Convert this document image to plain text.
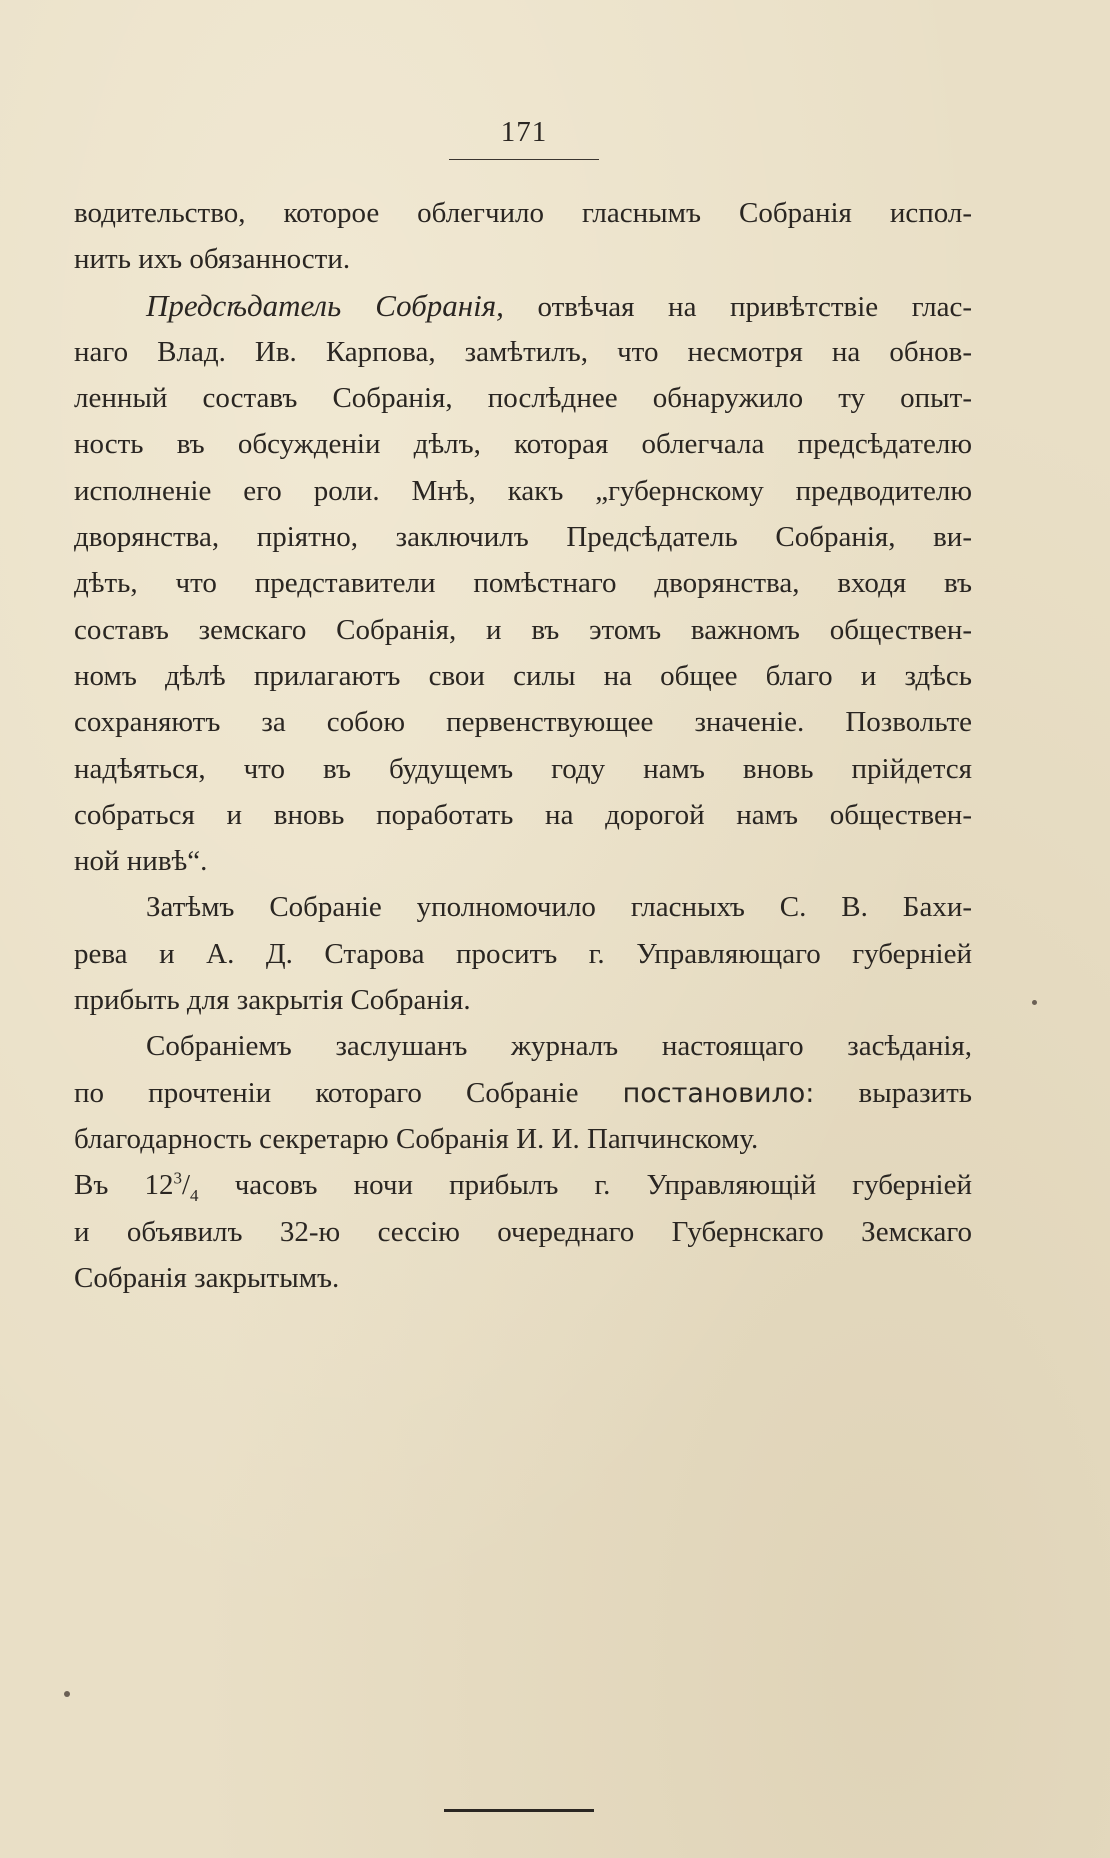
171
водительство, которое облегчило гласнымъ Собранія испол-
нить ихъ обязанности.
Предсѣдатель Собранія, отвѣчая на привѣтствіе глас-
наго Влад. Ив. Карпова, замѣтилъ, что несмотря на обнов-
ленный составъ Собранія, послѣднее обнаружило ту опыт-
ность въ обсужденіи дѣлъ, которая облегчала предсѣдателю
исполненіе его роли. Мнѣ, какъ „губернскому предводителю
дворянства, пріятно, заключилъ Предсѣдатель Собранія, ви-
дѣть, что представители помѣстнаго дворянства, входя въ
составъ земскаго Собранія, и въ этомъ важномъ обществен-
номъ дѣлѣ прилагаютъ свои силы на общее благо и здѣсь
сохраняютъ за собою первенствующее значеніе. Позвольте
надѣяться, что въ будущемъ году намъ вновь прійдется
собраться и вновь поработать на дорогой намъ обществен-
ной нивѣ“.
Затѣмъ Собраніе уполномочило гласныхъ С. В. Бахи-
рева и А. Д. Старова проситъ г. Управляющаго губерніей
прибыть для закрытія Собранія.
Собраніемъ заслушанъ журналъ настоящаго засѣданія,
по прочтеніи котораго Собраніе постановило: выразить
благодарность секретарю Собранія И. И. Папчинскому.
Въ $12^3/_4$ часовъ ночи прибылъ г. Управляющій губерніей
и объявилъ 32-ю сессію очереднаго Губернскаго Земскаго
Собранія закрытымъ.
